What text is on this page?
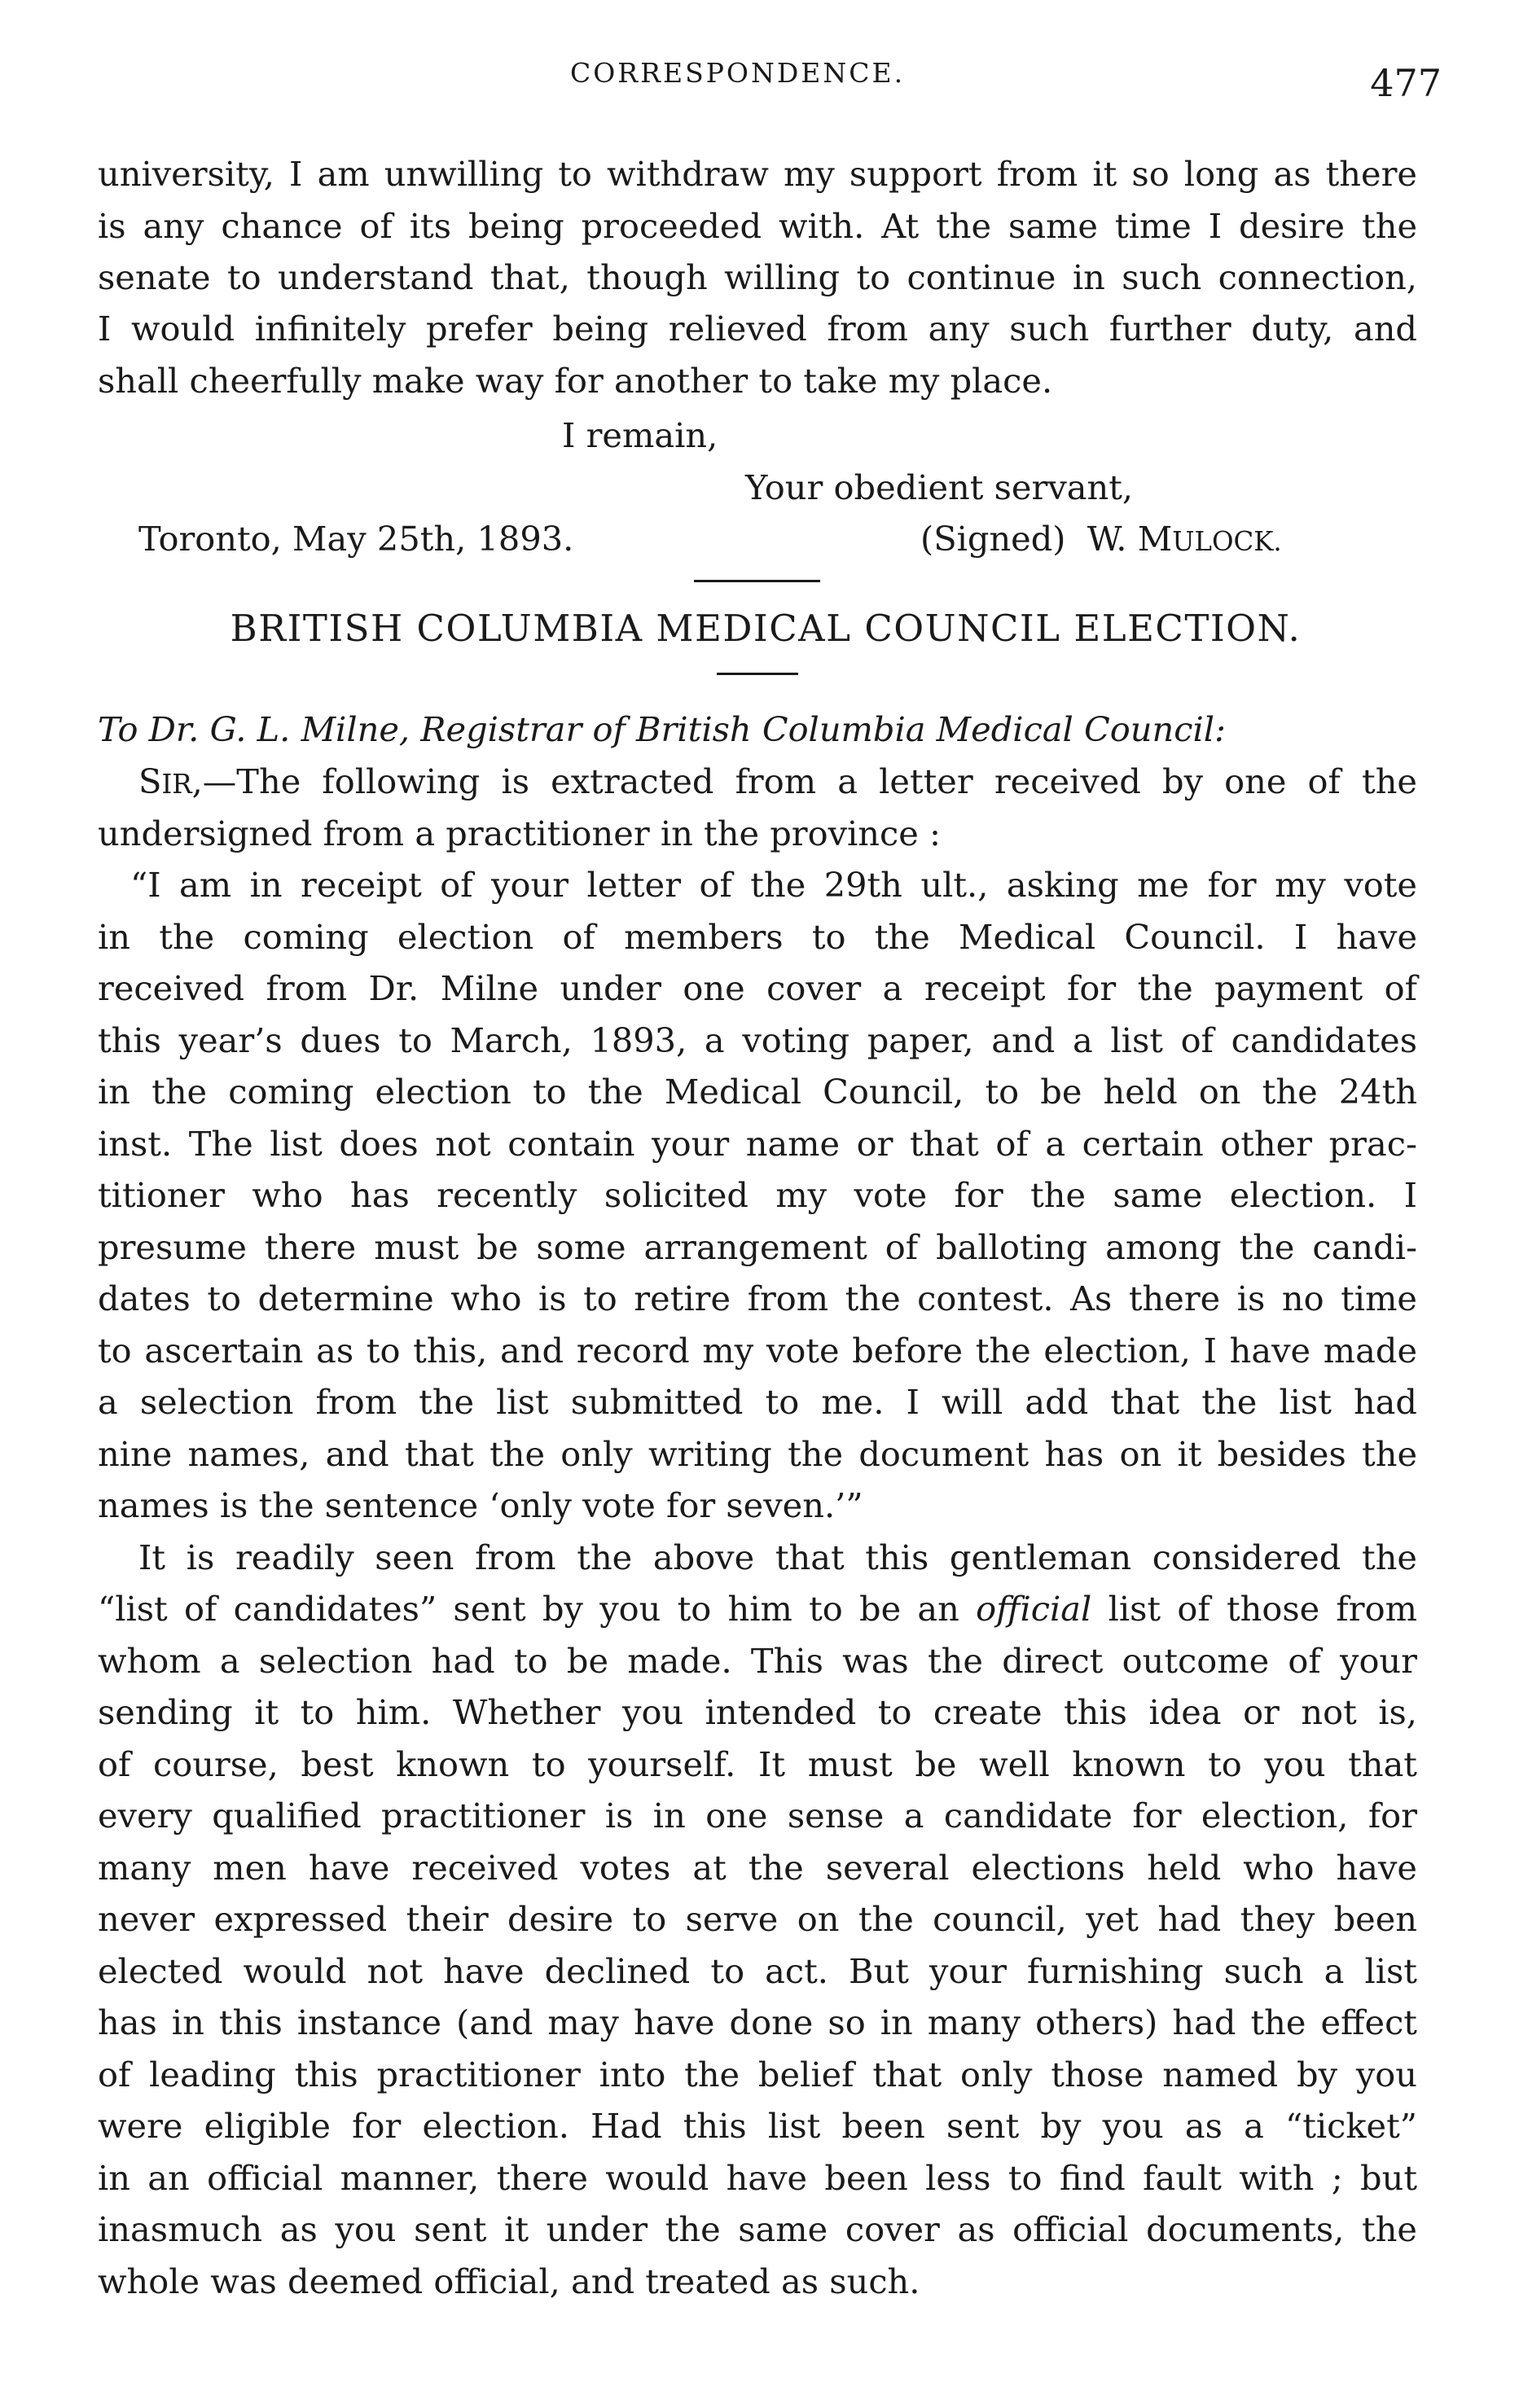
CORRESPONDENCE.	477
university, I am unwilling to withdraw my support from it so long as there
is any chance of its being proceeded with. At the same time I desire the
senate to understand that, though willing to continue in such connection,
I would infinitely prefer being relieved from any such further duty, and
shall cheerfully make way for another to take my place.
I remain,
Your obedient servant,
Toronto, May 25th, 1893.	(Signed) W. MULOCK.
BRITISH COLUMBIA MEDICAL COUNCIL ELECTION.
To Dr. G. L. Milne, Registrar of British Columbia Medical Council:
SIR,—The following is extracted from a letter received by one of the
undersigned from a practitioner in the province :
“I am in receipt of your letter of the 29th ult., asking me for my vote
in the coming election of members to the Medical Council. I have
received from Dr. Milne under one cover a receipt for the payment of
this year’s dues to March, 1893, a voting paper, and a list of candidates
in the coming election to the Medical Council, to be held on the 24th
inst. The list does not contain your name or that of a certain other prac-
titioner who has recently solicited my vote for the same election. I
presume there must be some arrangement of balloting among the candi-
dates to determine who is to retire from the contest. As there is no time
to ascertain as to this, and record my vote before the election, I have made
a selection from the list submitted to me. I will add that the list had
nine names, and that the only writing the document has on it besides the
names is the sentence ‘only vote for seven.’”
It is readily seen from the above that this gentleman considered the
“list of candidates” sent by you to him to be an official list of those from
whom a selection had to be made. This was the direct outcome of your
sending it to him. Whether you intended to create this idea or not is,
of course, best known to yourself. It must be well known to you that
every qualified practitioner is in one sense a candidate for election, for
many men have received votes at the several elections held who have
never expressed their desire to serve on the council, yet had they been
elected would not have declined to act. But your furnishing such a list
has in this instance (and may have done so in many others) had the effect
of leading this practitioner into the belief that only those named by you
were eligible for election. Had this list been sent by you as a “ticket”
in an official manner, there would have been less to find fault with ; but
inasmuch as you sent it under the same cover as official documents, the
whole was deemed official, and treated as such.
